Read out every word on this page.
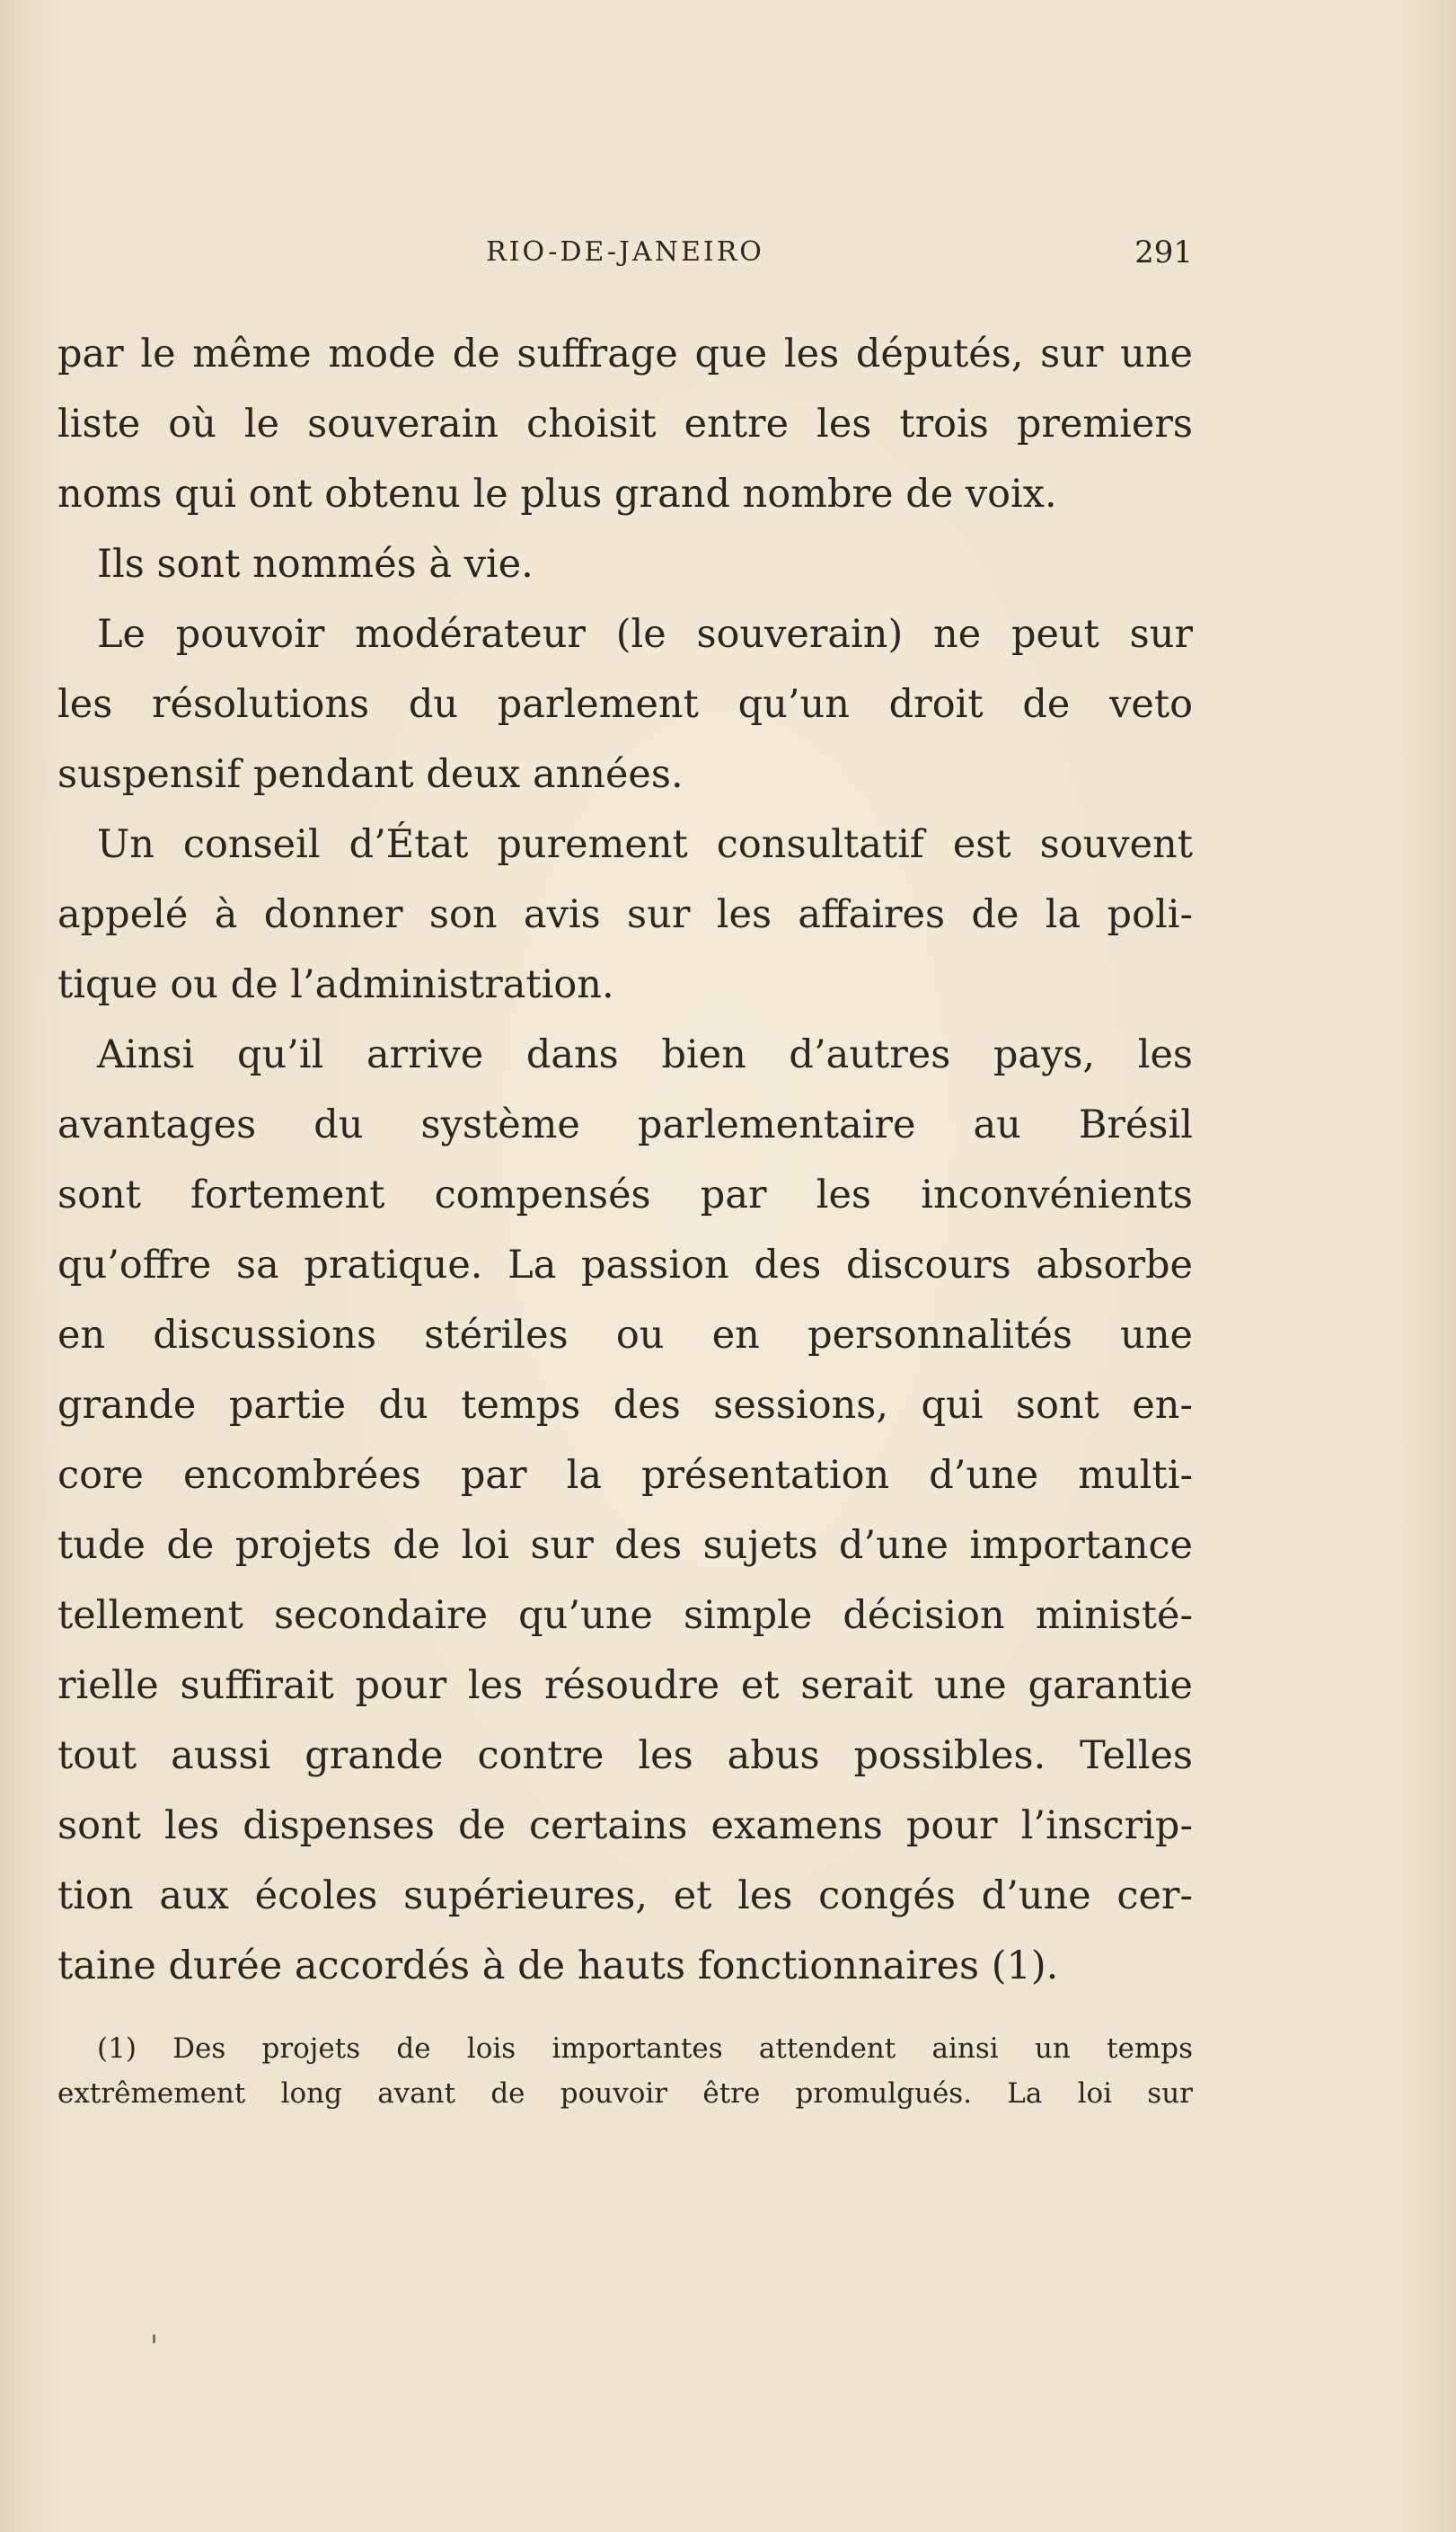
RIO-DE-JANEIRO	291
par le même mode de suffrage que les députés, sur une
liste où le souverain choisit entre les trois premiers
noms qui ont obtenu le plus grand nombre de voix.
Ils sont nommés à vie.
Le pouvoir modérateur (le souverain) ne peut sur
les résolutions du parlement qu’un droit de veto
suspensif pendant deux années.
Un conseil d’État purement consultatif est souvent
appelé à donner son avis sur les affaires de la poli-
tique ou de l’administration.
Ainsi qu’il arrive dans bien d’autres pays, les
avantages du système parlementaire au Brésil
sont fortement compensés par les inconvénients
qu’offre sa pratique. La passion des discours absorbe
en discussions stériles ou en personnalités une
grande partie du temps des sessions, qui sont en-
core encombrées par la présentation d’une multi-
tude de projets de loi sur des sujets d’une importance
tellement secondaire qu’une simple décision ministé-
rielle suffirait pour les résoudre et serait une garantie
tout aussi grande contre les abus possibles. Telles
sont les dispenses de certains examens pour l’inscrip-
tion aux écoles supérieures, et les congés d’une cer-
taine durée accordés à de hauts fonctionnaires (1).
(1) Des projets de lois importantes attendent ainsi un temps
extrêmement long avant de pouvoir être promulgués. La loi sur
